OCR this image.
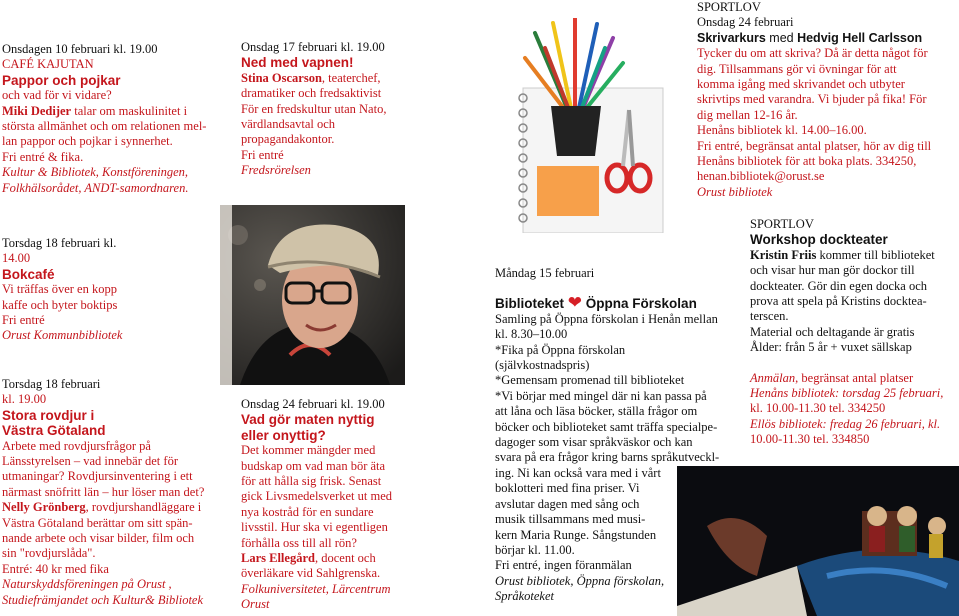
Onsdagen 10 februari kl. 19.00
CAFÉ KAJUTAN
Pappor och pojkar
och vad för vi vidare?
Miki Dedijer talar om maskulinitet i
största allmänhet och om relationen mel-
lan pappor och pojkar i synnerhet.
Fri entré & fika.
Kultur & Bibliotek, Konstföreningen,
Folkhälsorådet, ANDT-samordnaren.
Torsdag 18 februari kl.
14.00
Bokcafé
Vi träffas över en kopp
kaffe och byter boktips
Fri entré
Orust Kommunbibliotek
Torsdag 18 februari
kl. 19.00
Stora rovdjur i
Västra Götaland
Arbete med rovdjursfrågor på
Länsstyrelsen – vad innebär det för
utmaningar? Rovdjursinventering i ett
närmast snöfritt län – hur löser man det?
Nelly Grönberg, rovdjurshandläggare i
Västra Götaland berättar om sitt spän-
nande arbete och visar bilder, film och
sin "rovdjurslåda".
Entré: 40 kr med fika
Naturskyddsföreningen på Orust ,
Studiefrämjandet och Kultur& Bibliotek
Onsdag 17 februari kl. 19.00
Ned med vapnen!
Stina Oscarson, teaterchef,
dramatiker och fredsaktivist
För en fredskultur utan Nato,
värdlandsavtal och
propagandakontor.
Fri entré
Fredsrörelsen
Onsdag 24 februari kl. 19.00
Vad gör maten nyttig
eller onyttig?
Det kommer mängder med
budskap om vad man bör äta
för att hålla sig frisk. Senast
gick Livsmedelsverket ut med
nya kostråd för en sundare
livsstil. Hur ska vi egentligen
förhålla oss till all rön?
Lars Ellegård, docent och
överläkare vid Sahlgrenska.
Folkuniversitetet, Lärcentrum
Orust
Måndag 15 februari
Biblioteket ❤ Öppna Förskolan
Samling på Öppna förskolan i Henån mellan
kl. 8.30–10.00
*Fika på Öppna förskolan
(självkostnadspris)
*Gemensam promenad till biblioteket
*Vi börjar med mingel där ni kan passa på
att låna och läsa böcker, ställa frågor om
böcker och biblioteket samt träffa specialpe-
dagoger som visar språkväskor och kan
svara på era frågor kring barns språkutveckl-
ing. Ni kan också vara med i vårt
boklotteri med fina priser. Vi
avslutar dagen med sång och
musik tillsammans med musi-
kern Maria Runge. Sångstunden
börjar kl. 11.00.
Fri entré, ingen föranmälan
Orust bibliotek, Öppna förskolan,
Språkoteket
SPORTLOV
Onsdag 24 februari
Skrivarkurs med Hedvig Hell Carlsson
Tycker du om att skriva? Då är detta något för
dig. Tillsammans gör vi övningar för att
komma igång med skrivandet och utbyter
skrivtips med varandra. Vi bjuder på fika! För
dig mellan 12-16 år.
Henåns bibliotek kl. 14.00–16.00.
Fri entré, begränsat antal platser, hör av dig till
Henåns bibliotek för att boka plats. 334250,
henan.bibliotek@orust.se
Orust bibliotek
SPORTLOV
Workshop dockteater
Kristin Friis kommer till biblioteket
och visar hur man gör dockor till
dockteater. Gör din egen docka och
prova att spela på Kristins dockteа-
terscen.
Material och deltagande är gratis
Ålder: från 5 år + vuxet sällskap
Anmälan, begränsat antal platser
Henåns bibliotek: torsdag 25 februari,
kl. 10.00-11.30 tel. 334250
Ellös bibliotek: fredag 26 februari, kl.
10.00-11.30 tel. 334850
